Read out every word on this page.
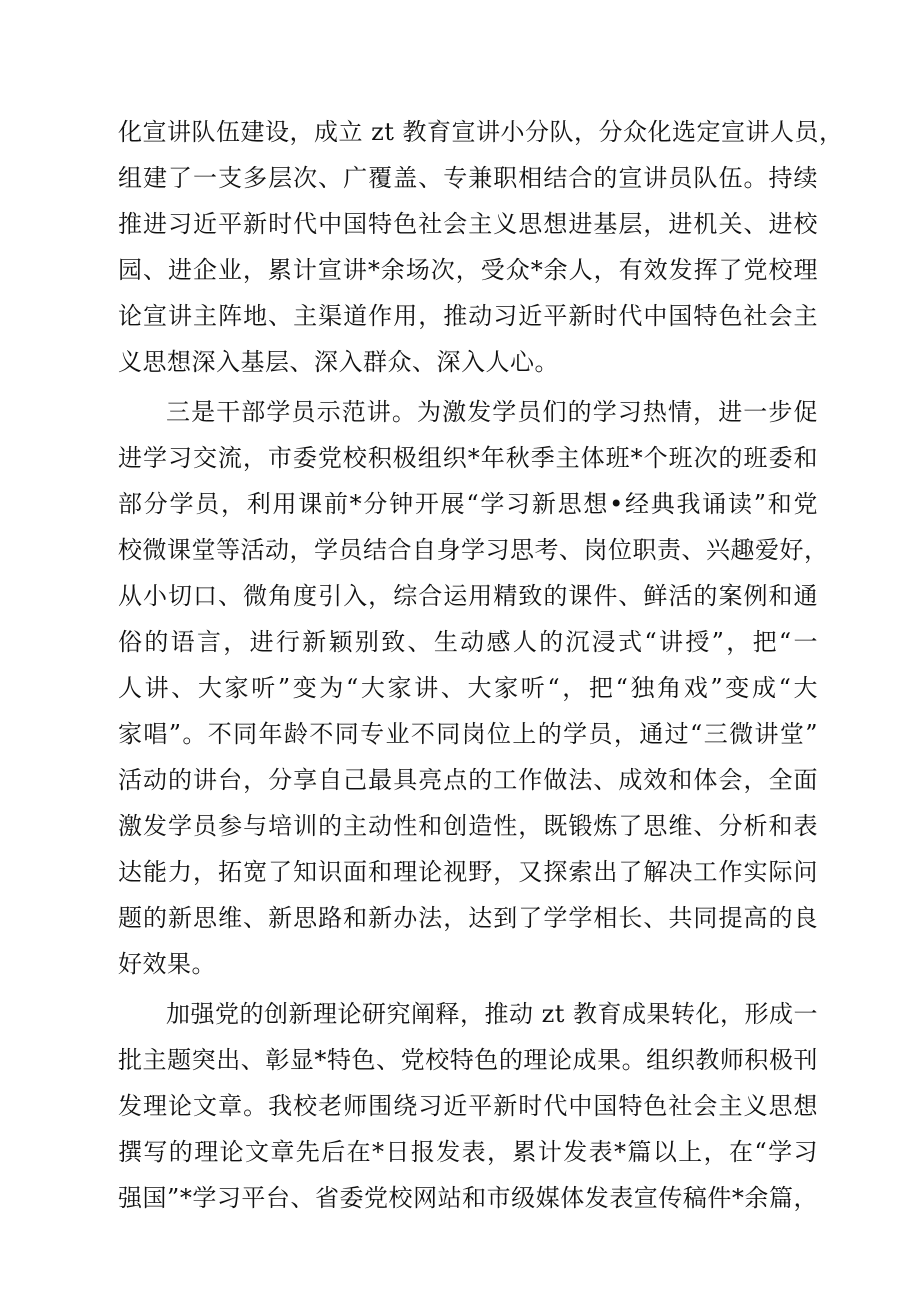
化宣讲队伍建设，成立 zt 教育宣讲小分队，分众化选定宣讲人员，
组建了一支多层次、广覆盖、专兼职相结合的宣讲员队伍。持续
推进习近平新时代中国特色社会主义思想进基层，进机关、进校
园、进企业，累计宣讲*余场次，受众*余人，有效发挥了党校理
论宣讲主阵地、主渠道作用，推动习近平新时代中国特色社会主
义思想深入基层、深入群众、深入人心。
三是干部学员示范讲。为激发学员们的学习热情，进一步促
进学习交流，市委党校积极组织*年秋季主体班*个班次的班委和
部分学员，利用课前*分钟开展“学习新思想•经典我诵读”和党
校微课堂等活动，学员结合自身学习思考、岗位职责、兴趣爱好，
从小切口、微角度引入，综合运用精致的课件、鲜活的案例和通
俗的语言，进行新颖别致、生动感人的沉浸式“讲授”，把“一
人讲、大家听”变为“大家讲、大家听“，把“独角戏”变成“大
家唱”。不同年龄不同专业不同岗位上的学员，通过“三微讲堂”
活动的讲台，分享自己最具亮点的工作做法、成效和体会，全面
激发学员参与培训的主动性和创造性，既锻炼了思维、分析和表
达能力，拓宽了知识面和理论视野，又探索出了解决工作实际问
题的新思维、新思路和新办法，达到了学学相长、共同提高的良
好效果。
加强党的创新理论研究阐释，推动 zt 教育成果转化，形成一
批主题突出、彰显*特色、党校特色的理论成果。组织教师积极刊
发理论文章。我校老师围绕习近平新时代中国特色社会主义思想
撰写的理论文章先后在*日报发表，累计发表*篇以上，在“学习
强国”*学习平台、省委党校网站和市级媒体发表宣传稿件*余篇，
